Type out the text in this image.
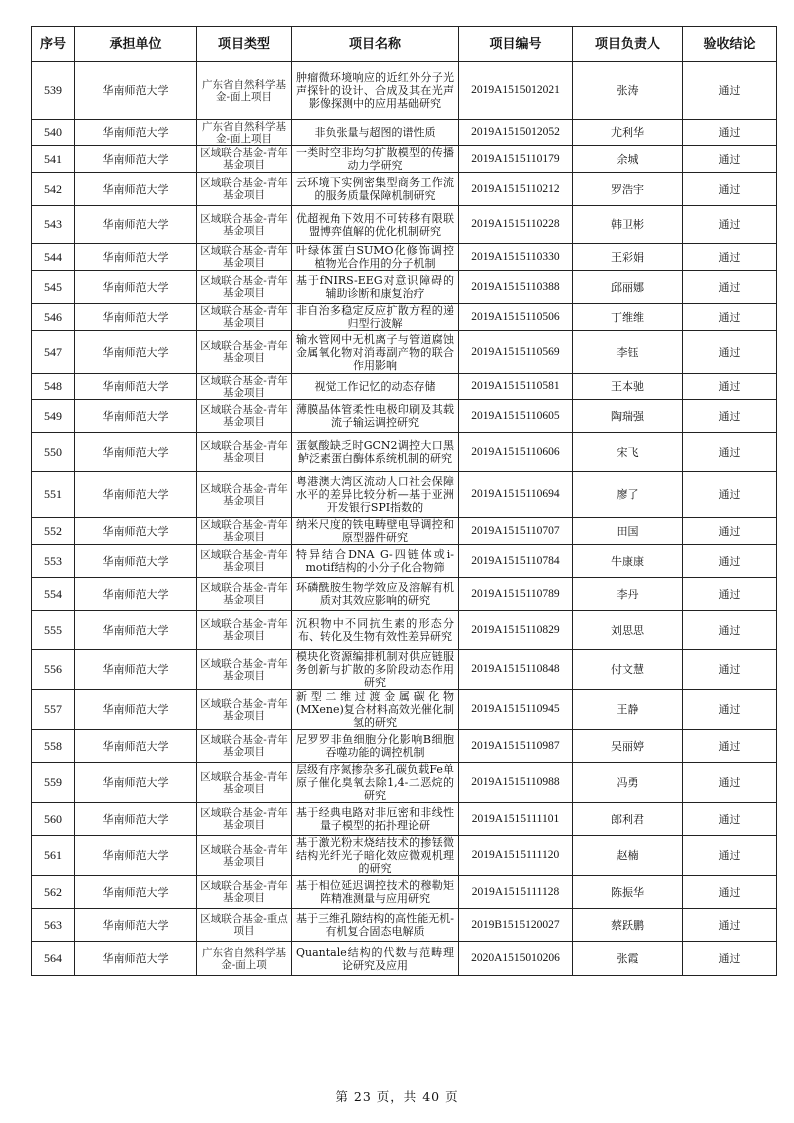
序号	承担单位	项目类型	项目名称	项目编号	项目负责人	验收结论
539	华南师范大学	广东省自然科学基金-面上项目	肿瘤微环境响应的近红外分子光声探针的设计、合成及其在光声影像探测中的应用基础研究	2019A1515012021	张涛	通过
540	华南师范大学	广东省自然科学基金-面上项目	非负张量与超图的谱性质	2019A1515012052	尤利华	通过
541	华南师范大学	区域联合基金-青年基金项目	一类时空非均匀扩散模型的传播动力学研究	2019A1515110179	余城	通过
542	华南师范大学	区域联合基金-青年基金项目	云环境下实例密集型商务工作流的服务质量保障机制研究	2019A1515110212	罗浩宇	通过
543	华南师范大学	区域联合基金-青年基金项目	优超视角下效用不可转移有限联盟博弈值解的优化机制研究	2019A1515110228	韩卫彬	通过
544	华南师范大学	区域联合基金-青年基金项目	叶绿体蛋白SUMO化修饰调控植物光合作用的分子机制	2019A1515110330	王彩娟	通过
545	华南师范大学	区域联合基金-青年基金项目	基于fNIRS-EEG对意识障碍的辅助诊断和康复治疗	2019A1515110388	邱丽娜	通过
546	华南师范大学	区域联合基金-青年基金项目	非自治多稳定反应扩散方程的递归型行波解	2019A1515110506	丁维维	通过
547	华南师范大学	区域联合基金-青年基金项目	输水管网中无机离子与管道腐蚀金属氧化物对消毒副产物的联合作用影响	2019A1515110569	李钰	通过
548	华南师范大学	区域联合基金-青年基金项目	视觉工作记忆的动态存储	2019A1515110581	王本驰	通过
549	华南师范大学	区域联合基金-青年基金项目	薄膜晶体管柔性电极印刷及其载流子输运调控研究	2019A1515110605	陶瑞强	通过
550	华南师范大学	区域联合基金-青年基金项目	蛋氨酸缺乏时GCN2调控大口黑鲈泛素蛋白酶体系统机制的研究	2019A1515110606	宋飞	通过
551	华南师范大学	区域联合基金-青年基金项目	粤港澳大湾区流动人口社会保障水平的差异比较分析—基于亚洲开发银行SPI指数的	2019A1515110694	廖了	通过
552	华南师范大学	区域联合基金-青年基金项目	纳米尺度的铁电畴壁电导调控和原型器件研究	2019A1515110707	田国	通过
553	华南师范大学	区域联合基金-青年基金项目	特异结合DNA G-四链体或i-motif结构的小分子化合物筛	2019A1515110784	牛康康	通过
554	华南师范大学	区域联合基金-青年基金项目	环磷酰胺生物学效应及溶解有机质对其效应影响的研究	2019A1515110789	李丹	通过
555	华南师范大学	区域联合基金-青年基金项目	沉积物中不同抗生素的形态分布、转化及生物有效性差异研究	2019A1515110829	刘思思	通过
556	华南师范大学	区域联合基金-青年基金项目	模块化资源编排机制对供应链服务创新与扩散的多阶段动态作用研究	2019A1515110848	付文慧	通过
557	华南师范大学	区域联合基金-青年基金项目	新型二维过渡金属碳化物(MXene)复合材料高效光催化制氢的研究	2019A1515110945	王静	通过
558	华南师范大学	区域联合基金-青年基金项目	尼罗罗非鱼细胞分化影响B细胞吞噬功能的调控机制	2019A1515110987	吴丽婷	通过
559	华南师范大学	区域联合基金-青年基金项目	层级有序氮掺杂多孔碳负载Fe单原子催化臭氧去除1,4-二恶烷的研究	2019A1515110988	冯勇	通过
560	华南师范大学	区域联合基金-青年基金项目	基于经典电路对非厄密和非线性量子模型的拓扑理论研	2019A1515111101	郎利君	通过
561	华南师范大学	区域联合基金-青年基金项目	基于激光粉末烧结技术的掺铥微结构光纤光子暗化效应微观机理的研究	2019A1515111120	赵楠	通过
562	华南师范大学	区域联合基金-青年基金项目	基于相位延迟调控技术的穆勒矩阵精准测量与应用研究	2019A1515111128	陈振华	通过
563	华南师范大学	区域联合基金-重点项目	基于三维孔隙结构的高性能无机-有机复合固态电解质	2019B1515120027	蔡跃鹏	通过
564	华南师范大学	广东省自然科学基金-面上项	Quantale结构的代数与范畴理论研究及应用	2020A1515010206	张霞	通过
第 23 页，共 40 页
